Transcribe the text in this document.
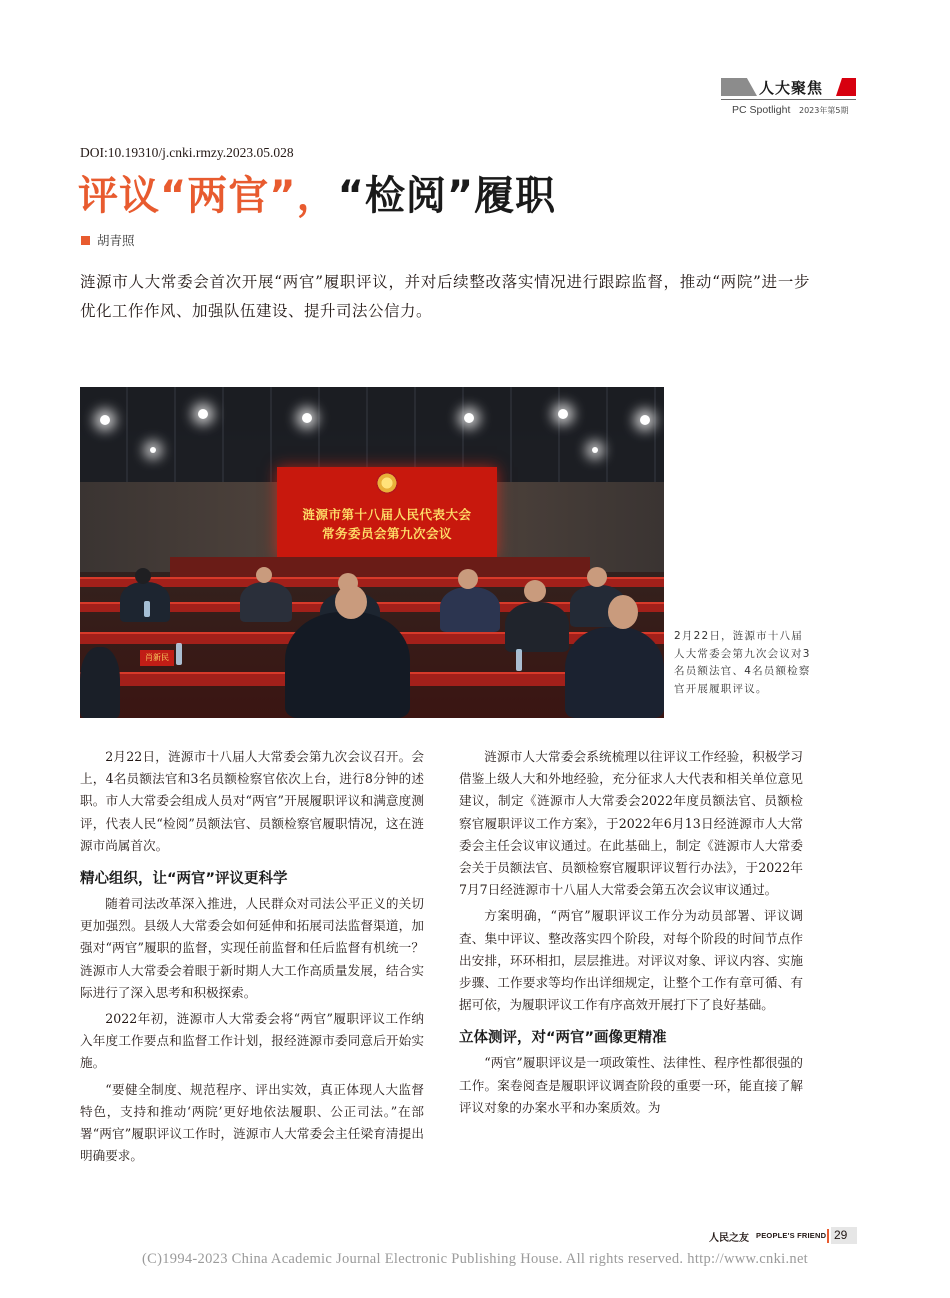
人大聚焦
PC Spotlight 2023年第5期
DOI:10.19310/j.cnki.rmzy.2023.05.028
评议“两官”，“检阅”履职
胡青照
涟源市人大常委会首次开展“两官”履职评议，并对后续整改落实情况进行跟踪监督，推动“两院”进一步优化工作作风、加强队伍建设、提升司法公信力。
涟源市第十八届人民代表大会
常务委员会第九次会议
肖新民
2月22日，涟源市十八届人大常委会第九次会议对3名员额法官、4名员额检察官开展履职评议。

2月22日，涟源市十八届人大常委会第九次会议召开。会上，4名员额法官和3名员额检察官依次上台，进行8分钟的述职。市人大常委会组成人员对“两官”开展履职评议和满意度测评，代表人民“检阅”员额法官、员额检察官履职情况，这在涟源市尚属首次。

精心组织，让“两官”评议更科学

随着司法改革深入推进，人民群众对司法公平正义的关切更加强烈。县级人大常委会如何延伸和拓展司法监督渠道，加强对“两官”履职的监督，实现任前监督和任后监督有机统一？涟源市人大常委会着眼于新时期人大工作高质量发展，结合实际进行了深入思考和积极探索。

2022年初，涟源市人大常委会将“两官”履职评议工作纳入年度工作要点和监督工作计划，报经涟源市委同意后开始实施。

“要健全制度、规范程序、评出实效，真正体现人大监督特色，支持和推动‘两院’更好地依法履职、公正司法。”在部署“两官”履职评议工作时，涟源市人大常委会主任梁育清提出明确要求。

涟源市人大常委会系统梳理以往评议工作经验，积极学习借鉴上级人大和外地经验，充分征求人大代表和相关单位意见建议，制定《涟源市人大常委会2022年度员额法官、员额检察官履职评议工作方案》，于2022年6月13日经涟源市人大常委会主任会议审议通过。在此基础上，制定《涟源市人大常委会关于员额法官、员额检察官履职评议暂行办法》，于2022年7月7日经涟源市十八届人大常委会第五次会议审议通过。

方案明确，“两官”履职评议工作分为动员部署、评议调查、集中评议、整改落实四个阶段，对每个阶段的时间节点作出安排，环环相扣，层层推进。对评议对象、评议内容、实施步骤、工作要求等均作出详细规定，让整个工作有章可循、有据可依，为履职评议工作有序高效开展打下了良好基础。

立体测评，对“两官”画像更精准

“两官”履职评议是一项政策性、法律性、程序性都很强的工作。案卷阅查是履职评议调查阶段的重要一环，能直接了解评议对象的办案水平和办案质效。为

人民之友 PEOPLE'S FRIEND 29
(C)1994-2023 China Academic Journal Electronic Publishing House. All rights reserved. http://www.cnki.net
